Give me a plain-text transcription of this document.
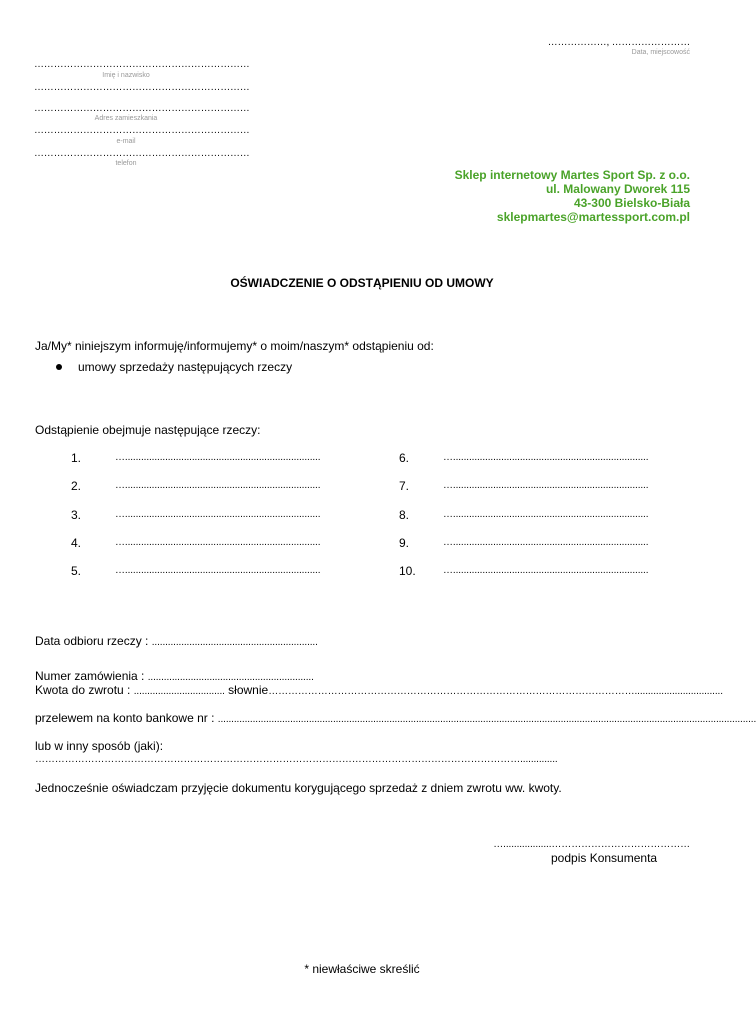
………………, ……………………
Data, miejscowość
…………………………………………………………
Imię i nazwisko
…………………………………………………………
…………………………………………………………
Adres zamieszkania
…………………………………………………………
e-mail
…………………………………………………………
telefon
Sklep internetowy Martes Sport Sp. z o.o.
ul. Malowany Dworek 115
43-300 Bielsko-Biała
sklepmartes@martessport.com.pl
OŚWIADCZENIE O ODSTĄPIENIU OD UMOWY
Ja/My* niniejszym informuję/informujemy* o moim/naszym* odstąpieniu od:
umowy sprzedaży następujących rzeczy
Odstąpienie obejmuje następujące rzeczy:
1.	….........................................................................
2.	….........................................................................
3.	….........................................................................
4.	….........................................................................
5.	….........................................................................
6.	….........................................................................
7.	….........................................................................
8.	….........................................................................
9.	….........................................................................
10.	….........................................................................
Data odbioru rzeczy : ..............................................................
Numer zamówienia : ..............................................................
Kwota do zwrotu : .................................. słownie………………………………………………………………………………………………….................................
przelewem na konto bankowe nr : .........................................................................................................................................................................................................
lub w inny sposób (jaki):
…………………………………………………………………………………………………………………………………..............
Jednocześnie oświadczam przyjęcie dokumentu korygującego sprzedaż z dniem zwrotu ww. kwoty.
…..................……………………………………
podpis Konsumenta
* niewłaściwe skreślić
